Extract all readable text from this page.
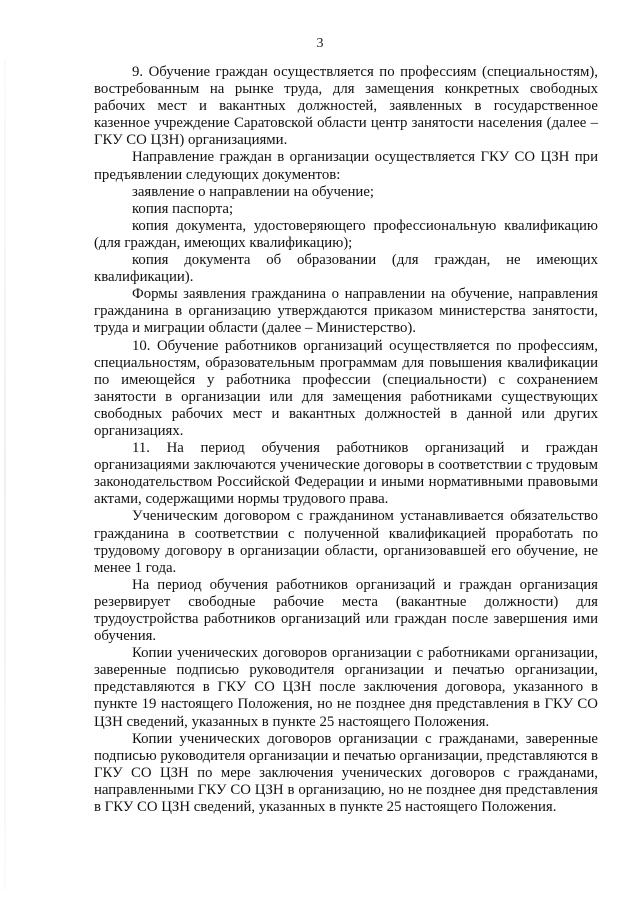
3

9. Обучение граждан осуществляется по профессиям (специальностям), востребованным на рынке труда, для замещения конкретных свободных рабочих мест и вакантных должностей, заявленных в государственное казенное учреждение Саратовской области центр занятости населения (далее – ГКУ СО ЦЗН) организациями.

Направление граждан в организации осуществляется ГКУ СО ЦЗН при предъявлении следующих документов:

заявление о направлении на обучение;

копия паспорта;

копия документа, удостоверяющего профессиональную квалификацию (для граждан, имеющих квалификацию);

копия документа об образовании (для граждан, не имеющих квалификации).

Формы заявления гражданина о направлении на обучение, направления гражданина в организацию утверждаются приказом министерства занятости, труда и миграции области (далее – Министерство).

10. Обучение работников организаций осуществляется по профессиям, специальностям, образовательным программам для повышения квалификации по имеющейся у работника профессии (специальности) с сохранением занятости в организации или для замещения работниками существующих свободных рабочих мест и вакантных должностей в данной или других организациях.

11. На период обучения работников организаций и граждан организациями заключаются ученические договоры в соответствии с трудовым законодательством Российской Федерации и иными нормативными правовыми актами, содержащими нормы трудового права.

Ученическим договором с гражданином устанавливается обязательство гражданина в соответствии с полученной квалификацией проработать по трудовому договору в организации области, организовавшей его обучение, не менее 1 года.

На период обучения работников организаций и граждан организация резервирует свободные рабочие места (вакантные должности) для трудоустройства работников организаций или граждан после завершения ими обучения.

Копии ученических договоров организации с работниками организации, заверенные подписью руководителя организации и печатью организации, представляются в ГКУ СО ЦЗН после заключения договора, указанного в пункте 19 настоящего Положения, но не позднее дня представления в ГКУ СО ЦЗН сведений, указанных в пункте 25 настоящего Положения.

Копии ученических договоров организации с гражданами, заверенные подписью руководителя организации и печатью организации, представляются в ГКУ СО ЦЗН по мере заключения ученических договоров с гражданами, направленными ГКУ СО ЦЗН в организацию, но не позднее дня представления в ГКУ СО ЦЗН сведений, указанных в пункте 25 настоящего Положения.
